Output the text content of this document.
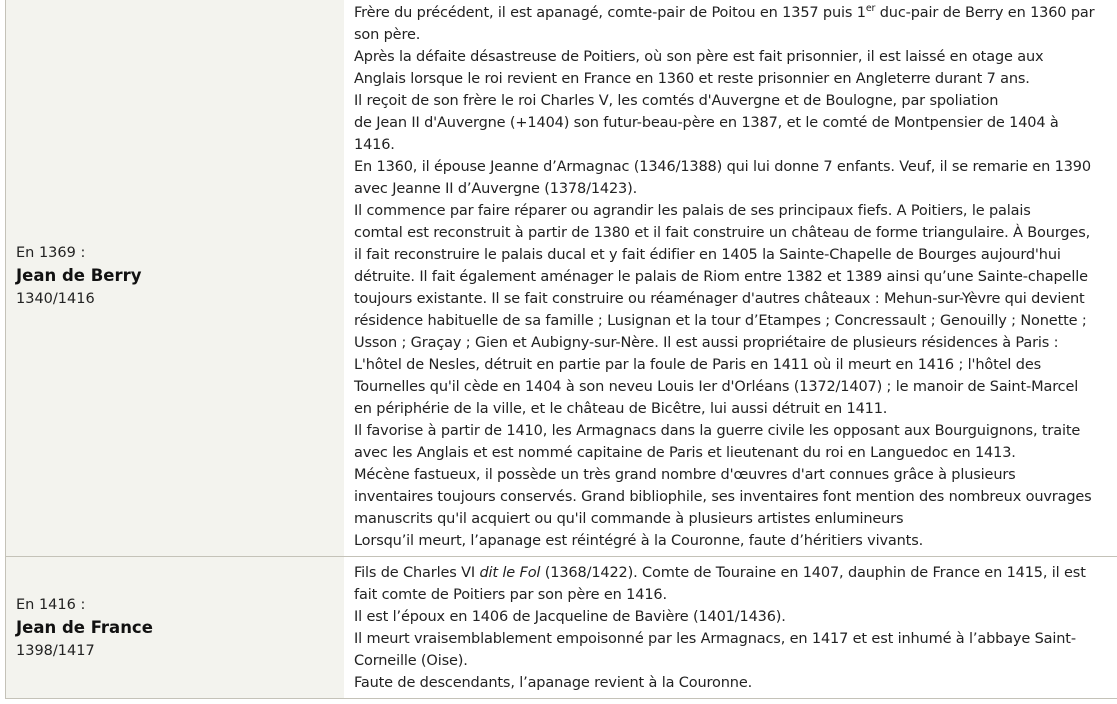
En 1369 :
Jean de Berry
1340/1416
Frère du précédent, il est apanagé, comte-pair de Poitou en 1357 puis 1er duc-pair de Berry en 1360 par
son père.
Après la défaite désastreuse de Poitiers, où son père est fait prisonnier, il est laissé en otage aux
Anglais lorsque le roi revient en France en 1360 et reste prisonnier en Angleterre durant 7 ans.
Il reçoit de son frère le roi Charles V, les comtés d'Auvergne et de Boulogne, par spoliation
de Jean II d'Auvergne (+1404) son futur-beau-père en 1387, et le comté de Montpensier de 1404 à
1416.
En 1360, il épouse Jeanne d’Armagnac (1346/1388) qui lui donne 7 enfants. Veuf, il se remarie en 1390
avec Jeanne II d’Auvergne (1378/1423).
Il commence par faire réparer ou agrandir les palais de ses principaux fiefs. A Poitiers, le palais
comtal est reconstruit à partir de 1380 et il fait construire un château de forme triangulaire. À Bourges,
il fait reconstruire le palais ducal et y fait édifier en 1405 la Sainte-Chapelle de Bourges aujourd'hui
détruite. Il fait également aménager le palais de Riom entre 1382 et 1389 ainsi qu’une Sainte-chapelle
toujours existante. Il se fait construire ou réaménager d'autres châteaux : Mehun-sur-Yèvre qui devient
résidence habituelle de sa famille ; Lusignan et la tour d’Etampes ; Concressault ; Genouilly ; Nonette ;
Usson ; Graçay ; Gien et Aubigny-sur-Nère. Il est aussi propriétaire de plusieurs résidences à Paris :
L'hôtel de Nesles, détruit en partie par la foule de Paris en 1411 où il meurt en 1416 ; l'hôtel des
Tournelles qu'il cède en 1404 à son neveu Louis Ier d'Orléans (1372/1407) ; le manoir de Saint-Marcel
en périphérie de la ville, et le château de Bicêtre, lui aussi détruit en 1411.
Il favorise à partir de 1410, les Armagnacs dans la guerre civile les opposant aux Bourguignons, traite
avec les Anglais et est nommé capitaine de Paris et lieutenant du roi en Languedoc en 1413.
Mécène fastueux, il possède un très grand nombre d'œuvres d'art connues grâce à plusieurs
inventaires toujours conservés. Grand bibliophile, ses inventaires font mention des nombreux ouvrages
manuscrits qu'il acquiert ou qu'il commande à plusieurs artistes enlumineurs
Lorsqu’il meurt, l’apanage est réintégré à la Couronne, faute d’héritiers vivants.
En 1416 :
Jean de France
1398/1417
Fils de Charles VI dit le Fol (1368/1422). Comte de Touraine en 1407, dauphin de France en 1415, il est
fait comte de Poitiers par son père en 1416.
Il est l’époux en 1406 de Jacqueline de Bavière (1401/1436).
Il meurt vraisemblablement empoisonné par les Armagnacs, en 1417 et est inhumé à l’abbaye Saint-
Corneille (Oise).
Faute de descendants, l’apanage revient à la Couronne.
